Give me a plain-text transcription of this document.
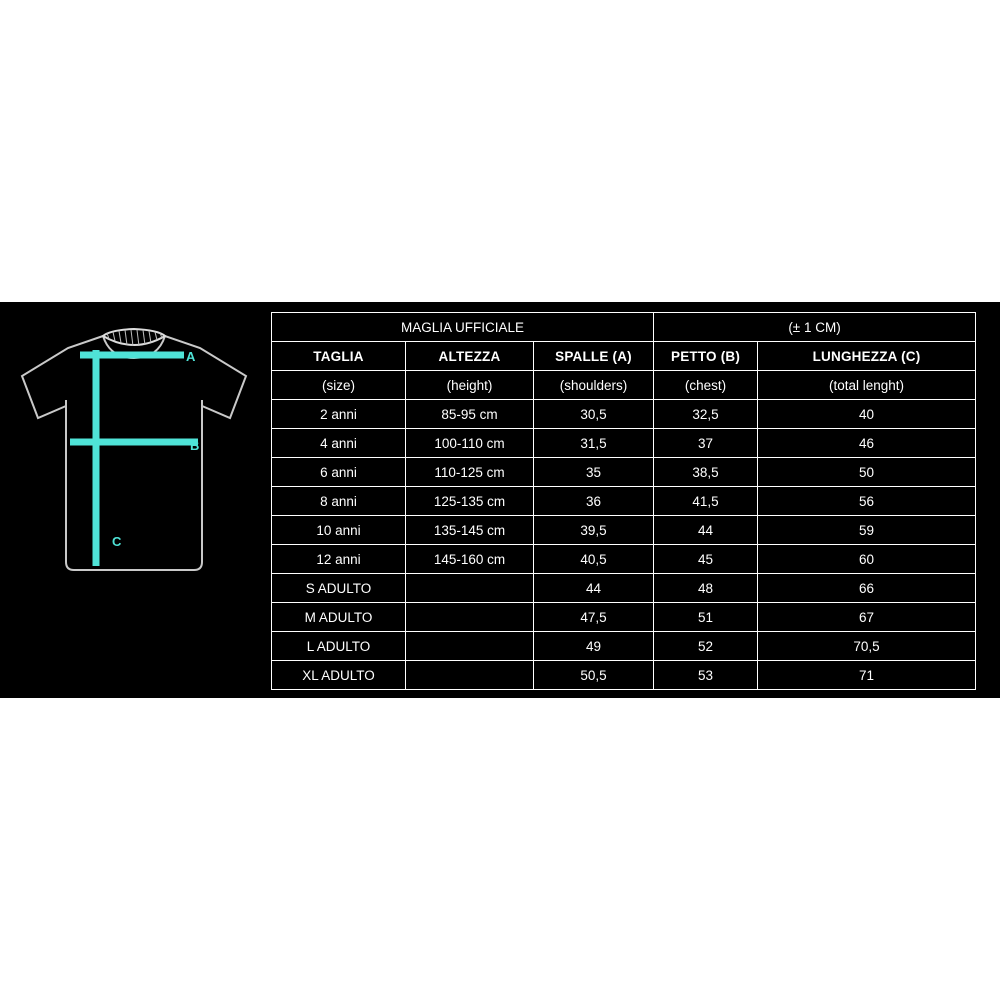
A
B
C
MAGLIA UFFICIALE			(± 1 CM)	
TAGLIA	ALTEZZA	SPALLE (A)	PETTO (B)	LUNGHEZZA (C)
(size)	(height)	(shoulders)	(chest)	(total lenght)
2 anni	85-95 cm	30,5	32,5	40
4 anni	100-110 cm	31,5	37	46
6 anni	110-125 cm	35	38,5	50
8 anni	125-135 cm	36	41,5	56
10 anni	135-145 cm	39,5	44	59
12 anni	145-160 cm	40,5	45	60
S ADULTO		44	48	66
M ADULTO		47,5	51	67
L ADULTO		49	52	70,5
XL ADULTO		50,5	53	71
